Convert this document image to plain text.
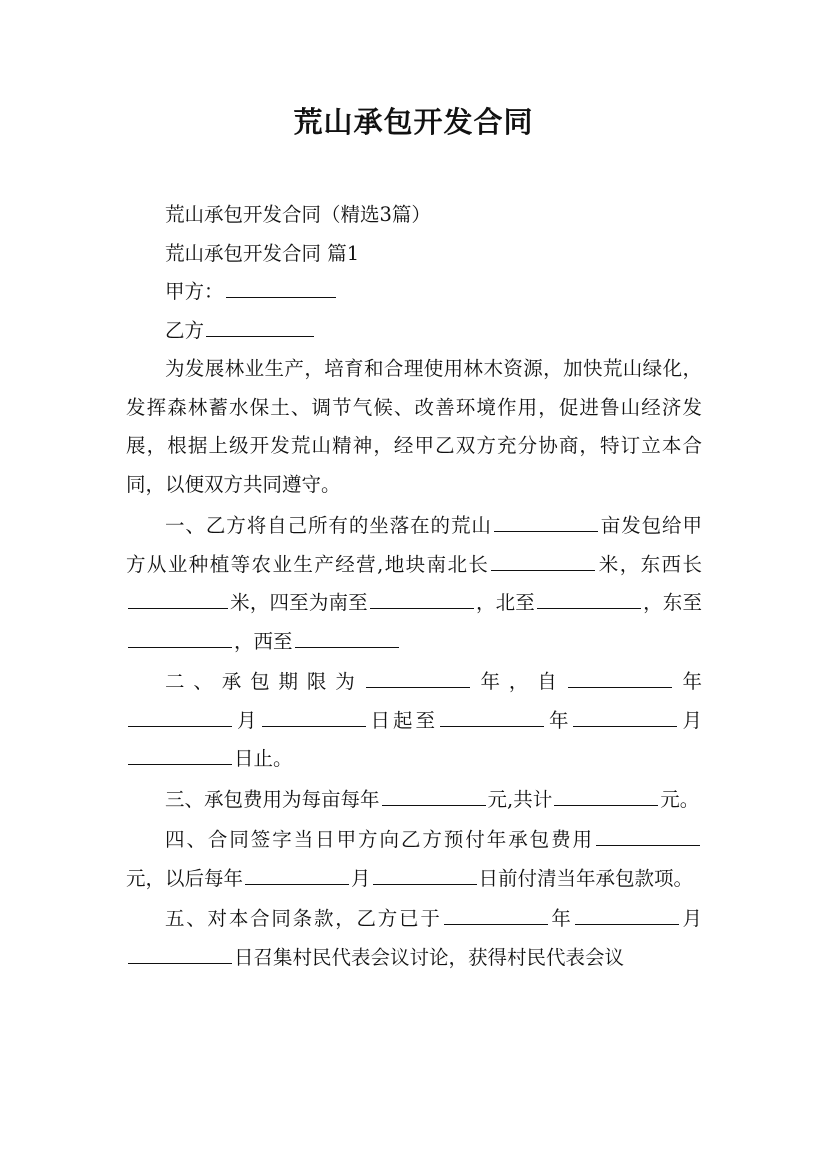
荒山承包开发合同
荒山承包开发合同（精选3篇）
荒山承包开发合同 篇1
甲方：
乙方
为发展林业生产，培育和合理使用林木资源，加快荒山绿化，发挥森林蓄水保土、调节气候、改善环境作用，促进鲁山经济发展，根据上级开发荒山精神，经甲乙双方充分协商，特订立本合同，以便双方共同遵守。
一、乙方将自己所有的坐落在的荒山	亩发包给甲方从业种植等农业生产经营,地块南北长	米，东西长米，四至为南至	，北至	，东至，西至
二、承包期限为	年，自	年月	日起至	年	月日止。
三、承包费用为每亩每年	元,共计	元。
四、合同签字当日甲方向乙方预付年承包费用元，以后每年	月	日前付清当年承包款项。
五、对本合同条款，乙方已于	年	月日召集村民代表会议讨论，获得村民代表会议
